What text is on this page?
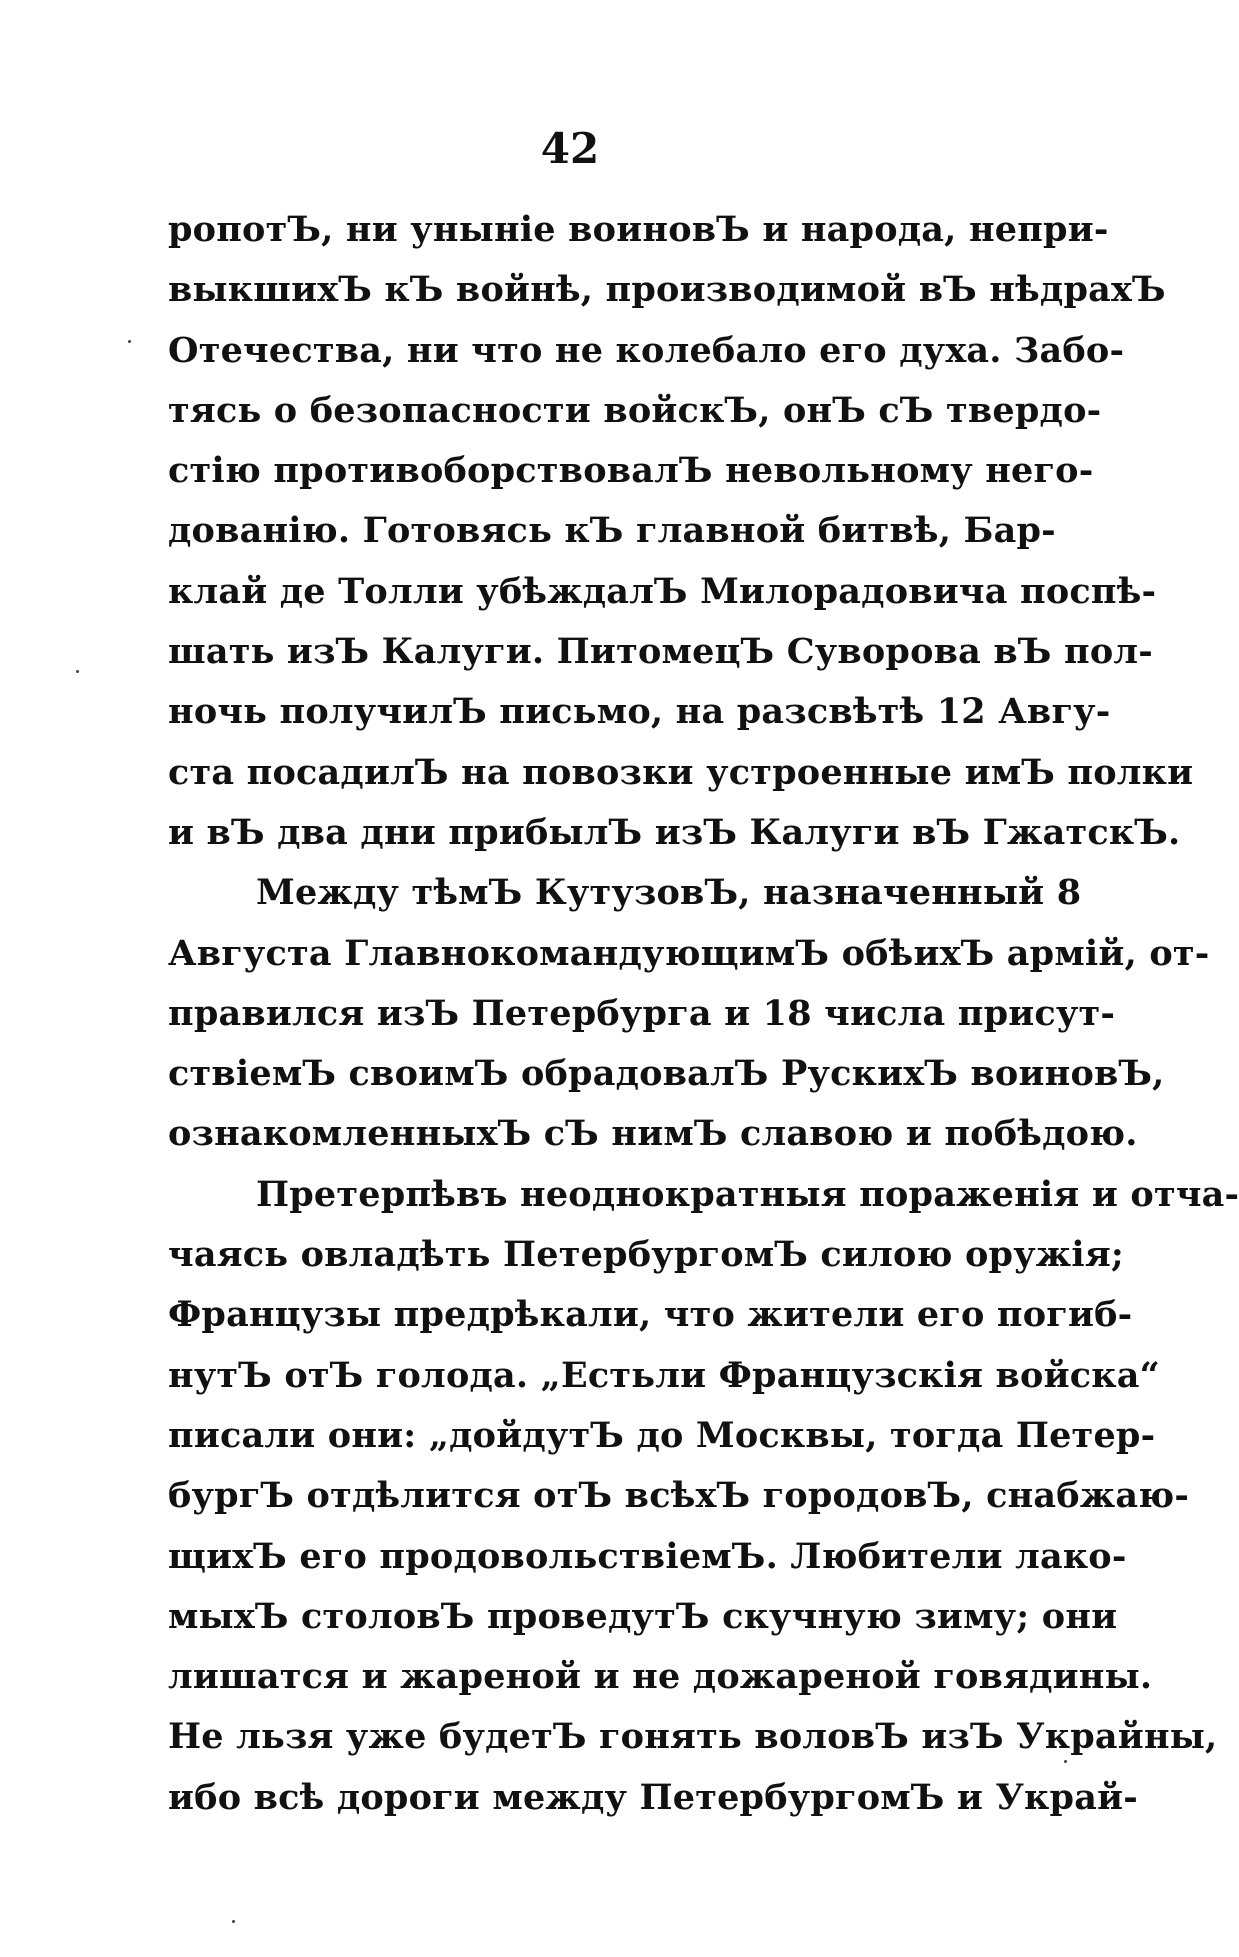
42
ропотЪ, ни уныніе воиновЪ и народа, непри-
выкшихЪ кЪ войнѣ, производимой вЪ нѣдрахЪ
Отечества, ни что не колебало его духа. Забо-
тясь о безопасности войскЪ, онЪ сЪ твердо-
стію противоборствовалЪ невольному него-
дованію. Готовясь кЪ главной битвѣ, Бар-
клай де Толли убѣждалЪ Милорадовича поспѣ-
шать изЪ Калуги. ПитомецЪ Суворова вЪ пол-
ночь получилЪ письмо, на разсвѣтѣ 12 Авгу-
ста посадилЪ на повозки устроенные имЪ полки
и вЪ два дни прибылЪ изЪ Калуги вЪ ГжатскЪ.
Между тѣмЪ КутузовЪ, назначенный 8
Августа ГлавнокомандующимЪ обѣихЪ армій, от-
правился изЪ Петербурга и 18 числа присут-
ствіемЪ своимЪ обрадовалЪ РускихЪ воиновЪ,
ознакомленныхЪ сЪ нимЪ славою и побѣдою.
Претерпѣвъ неоднократныя пораженія и отча-
чаясь овладѣть ПетербургомЪ силою оружія;
Французы предрѣкали, что жители его погиб-
нутЪ отЪ голода. „Естьли Французскія войска“
писали они: „дойдутЪ до Москвы, тогда Петер-
бургЪ отдѣлится отЪ всѣхЪ городовЪ, снабжаю-
щихЪ его продовольствіемЪ. Любители лако-
мыхЪ столовЪ проведутЪ скучную зиму; они
лишатся и жареной и не дожареной говядины.
Не льзя уже будетЪ гонять воловЪ изЪ Украйны,
ибо всѣ дороги между ПетербургомЪ и Украй-
